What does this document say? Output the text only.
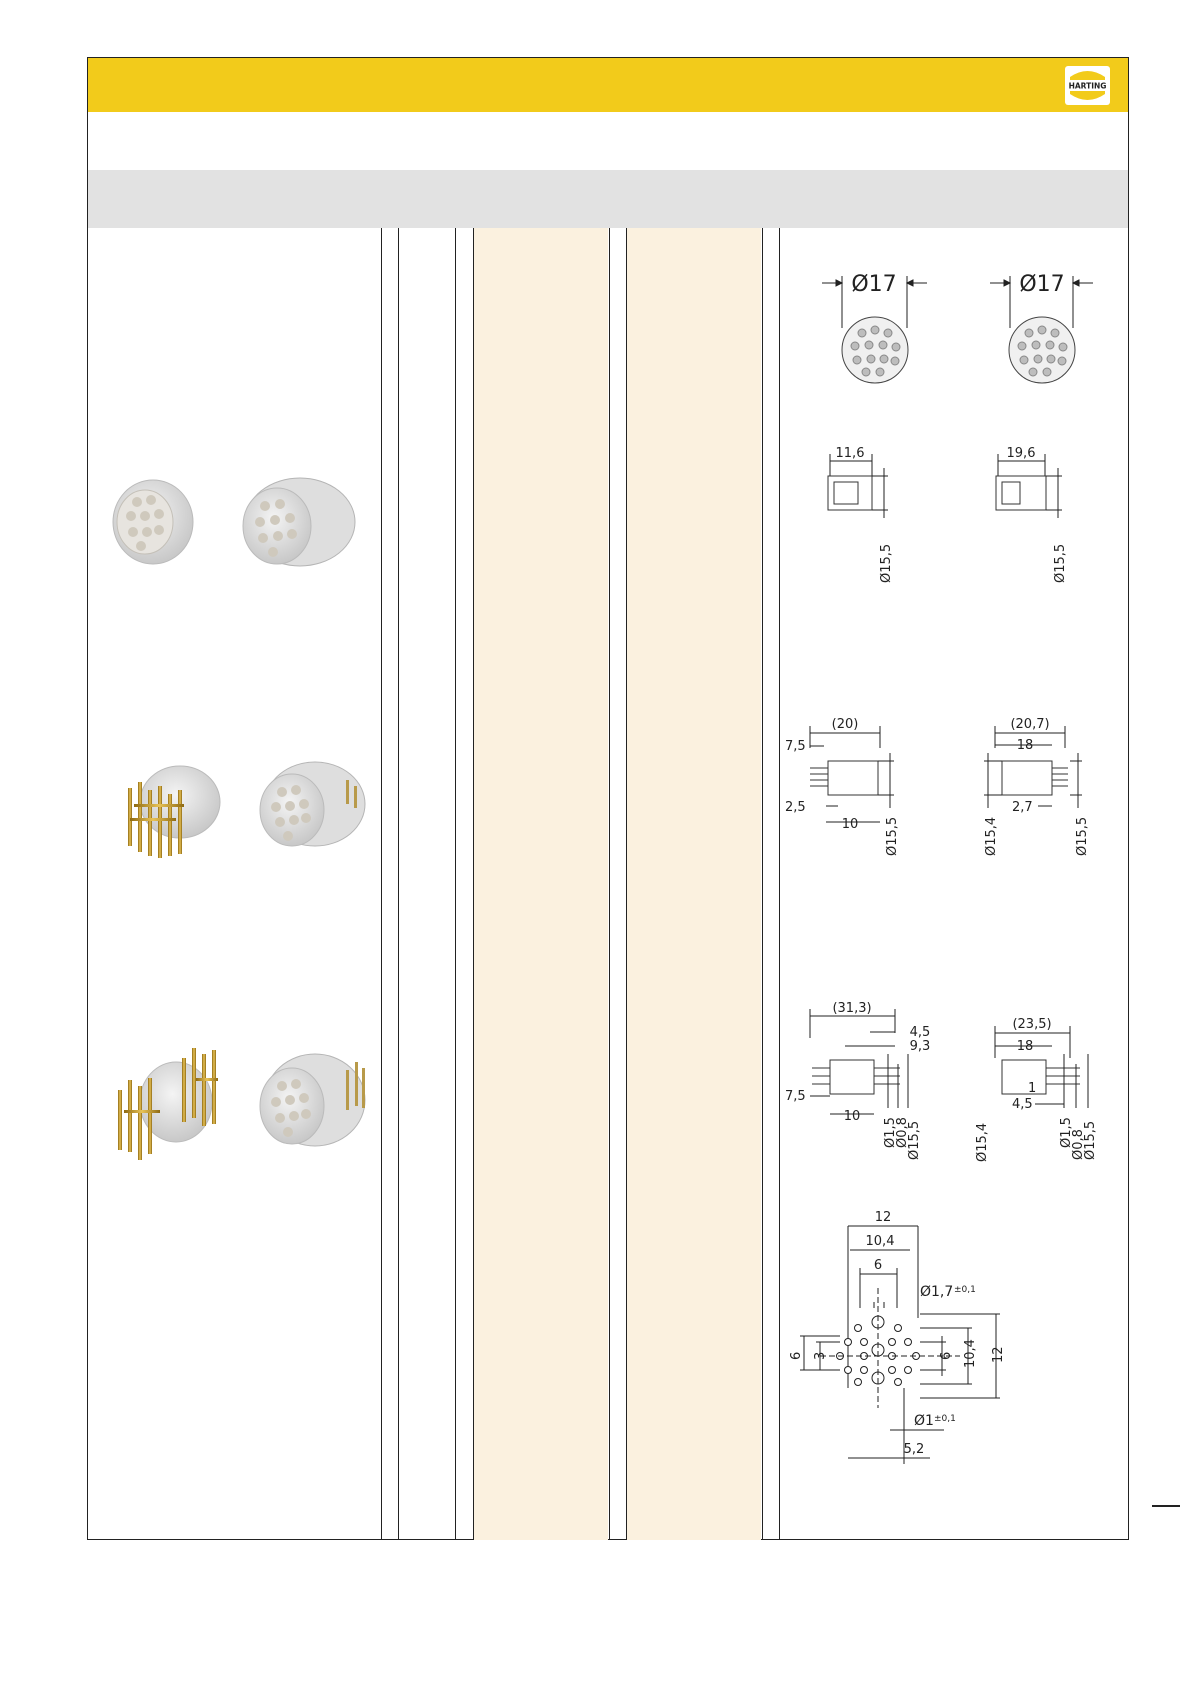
HARTING
Ø17	Ø17
11,6
Ø15,5
19,6
Ø15,5
(20)
7,5
2,5
10 Ø15,5
(20,7)
18
2,7
Ø15,4	Ø15,5
(31,3)
4,5
9,3
7,5
10
Ø1,5
Ø0,8
Ø15,5
(23,5)
18
1
4,5
Ø15,4	Ø1,5
Ø0,8
Ø15,5
12
10,4
6
Ø1,7 ±0,1
6 3	6 10,4 12
Ø1 ±0,1
5,2
